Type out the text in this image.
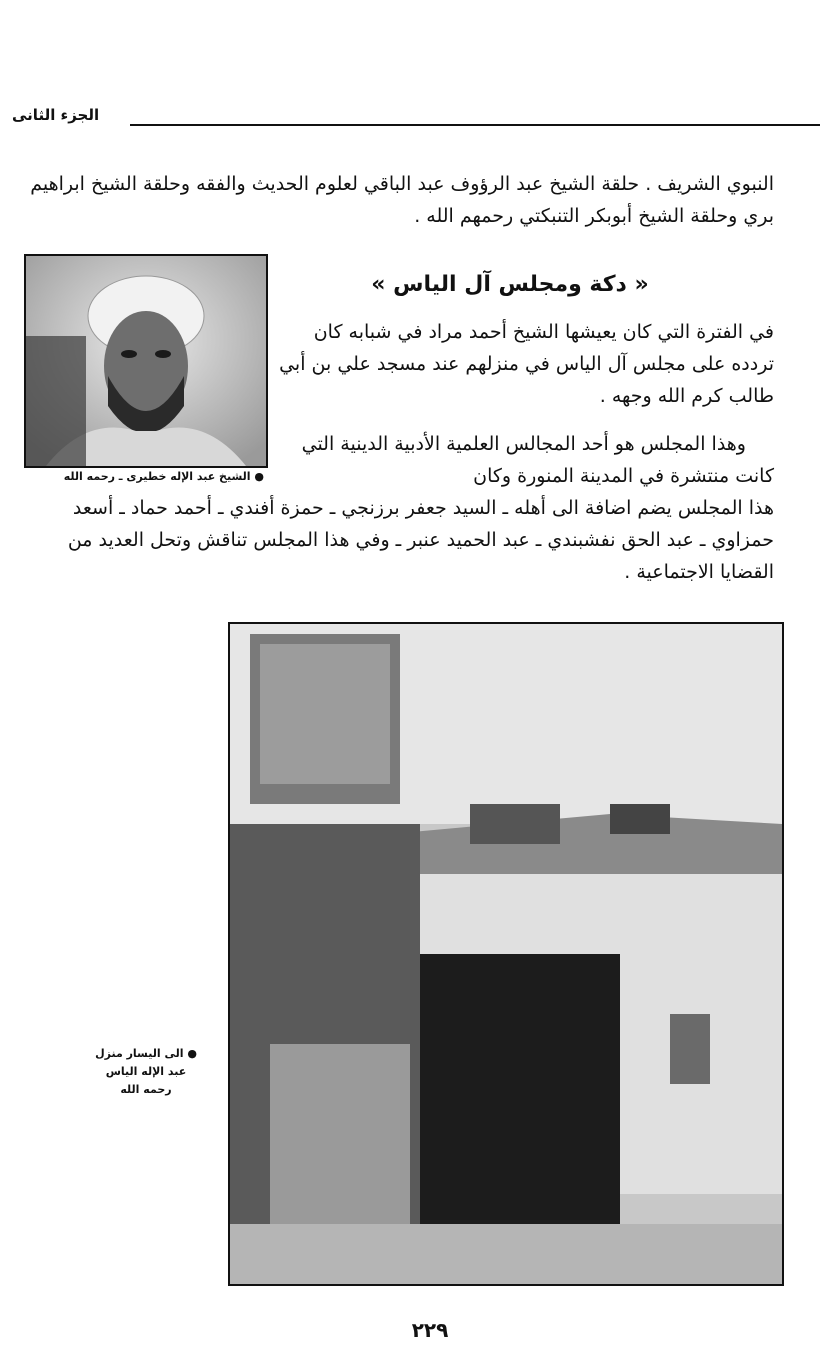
الجزء الثانى
النبوي الشريف . حلقة الشيخ عبد الرؤوف عبد الباقي لعلوم الحديث والفقه وحلقة الشيخ ابراهيم بري وحلقة الشيخ أبوبكر التنبكتي رحمهم الله .
● الشيخ عبد الإله خطيرى ـ رحمه الله
« دكة ومجلس آل الياس »
في الفترة التي كان يعيشها الشيخ أحمد مراد في شبابه كان تردده على مجلس آل الياس في منزلهم عند مسجد علي بن أبي طالب كرم الله وجهه .
وهذا المجلس هو أحد المجالس العلمية الأدبية الدينية التي كانت منتشرة في المدينة المنورة وكان
هذا المجلس يضم اضافة الى أهله ـ السيد جعفر برزنجي ـ حمزة أفندي ـ أحمد حماد ـ أسعد حمزاوي ـ عبد الحق نفشبندي ـ عبد الحميد عنبر ـ وفي هذا المجلس تناقش وتحل العديد من القضايا الاجتماعية .
● الى اليسار منزل
عبد الإله الياس
رحمه الله
٢٢٩
